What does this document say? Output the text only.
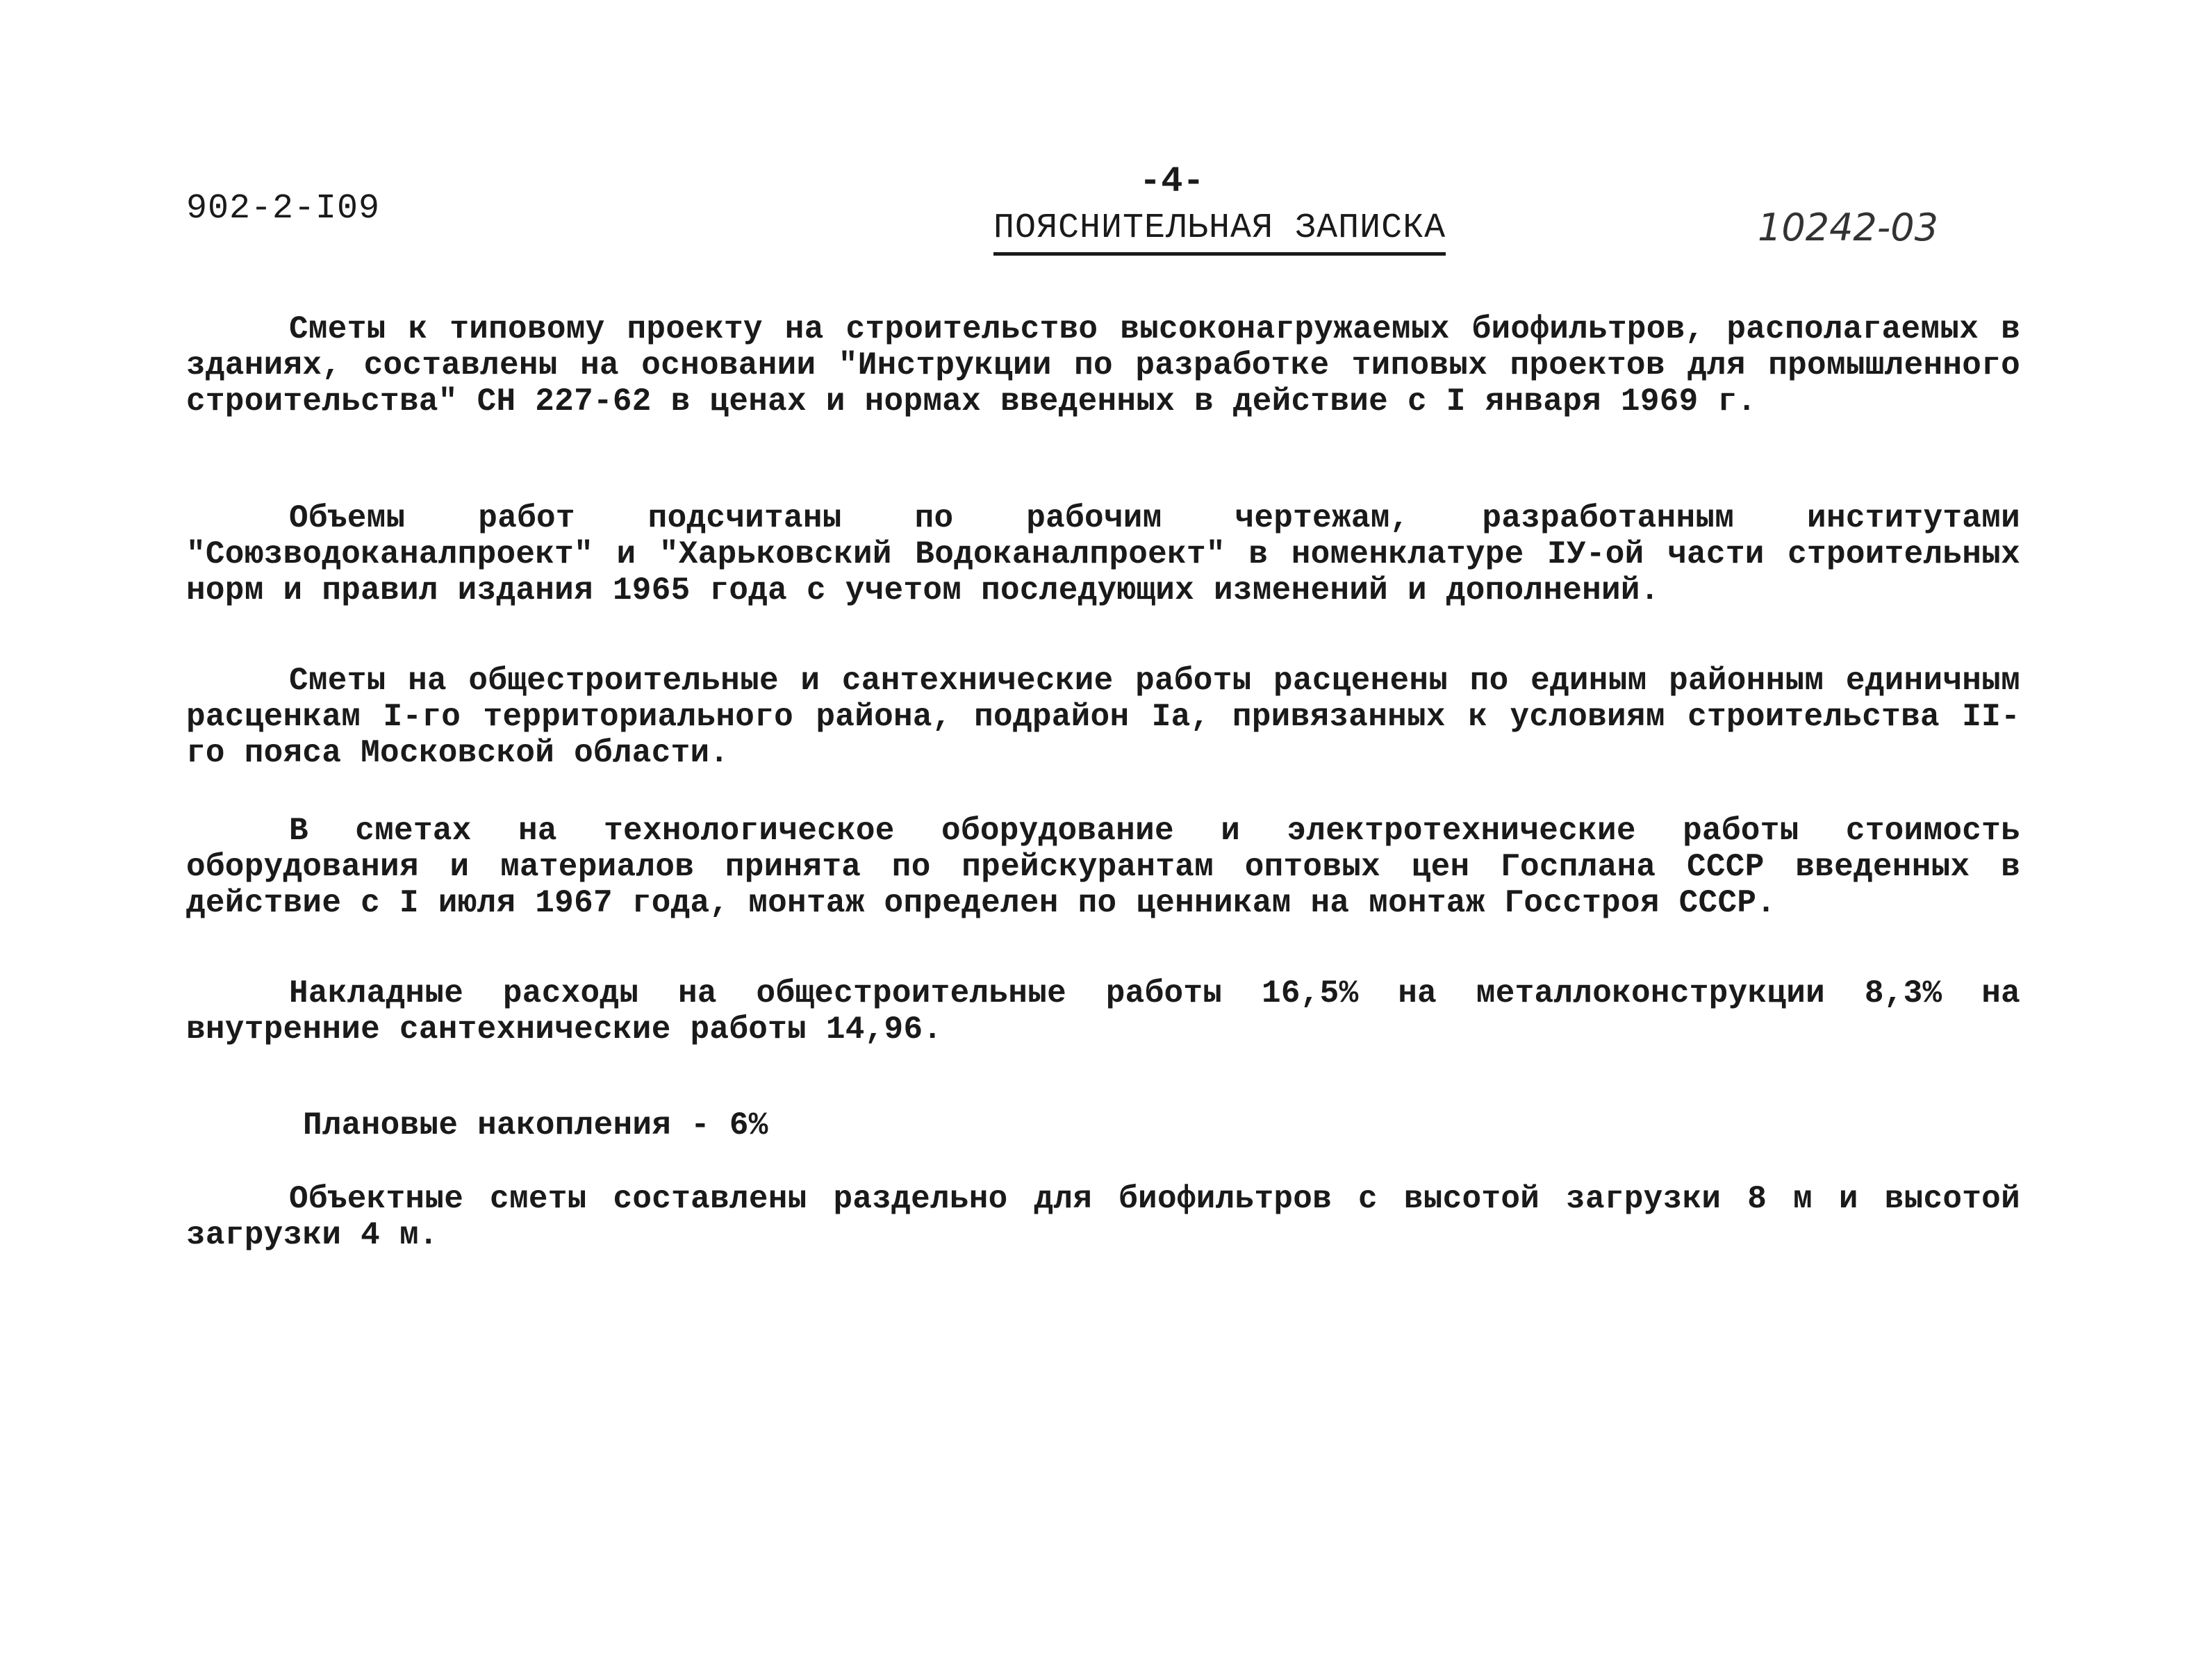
902-2-I09
-4-
ПОЯСНИТЕЛЬНАЯ ЗАПИСКА	10242-03
Сметы к типовому проекту на строительство высоконагружаемых биофильтров, располагаемых в зданиях, составлены на основании "Инструкции по разработке типовых проектов для промышленного строительства" СН 227-62 в ценах и нормах введенных в действие с I января 1969 г.
Объемы работ подсчитаны по рабочим чертежам, разработанным институтами "Союзводоканалпроект" и "Харьковский Водоканалпроект" в номенклатуре IУ-ой части строительных норм и правил издания 1965 года с учетом последующих изменений и дополнений.
Сметы на общестроительные и сантехнические работы расценены по единым районным единичным расценкам I-го территориального района, подрайон Iа, привязанных к условиям строительства II-го пояса Московской области.
В сметах на технологическое оборудование и электротехнические работы стоимость оборудования и материалов принята по прейскурантам оптовых цен Госплана СССР введенных в действие с I июля 1967 года, монтаж определен по ценникам на монтаж Госстроя СССР.
Накладные расходы на общестроительные работы 16,5% на металлоконструкции 8,3% на внутренние сантехнические работы 14,96.
Плановые накопления - 6%
Объектные сметы составлены раздельно для биофильтров с высотой загрузки 8 м и высотой загрузки 4 м.
